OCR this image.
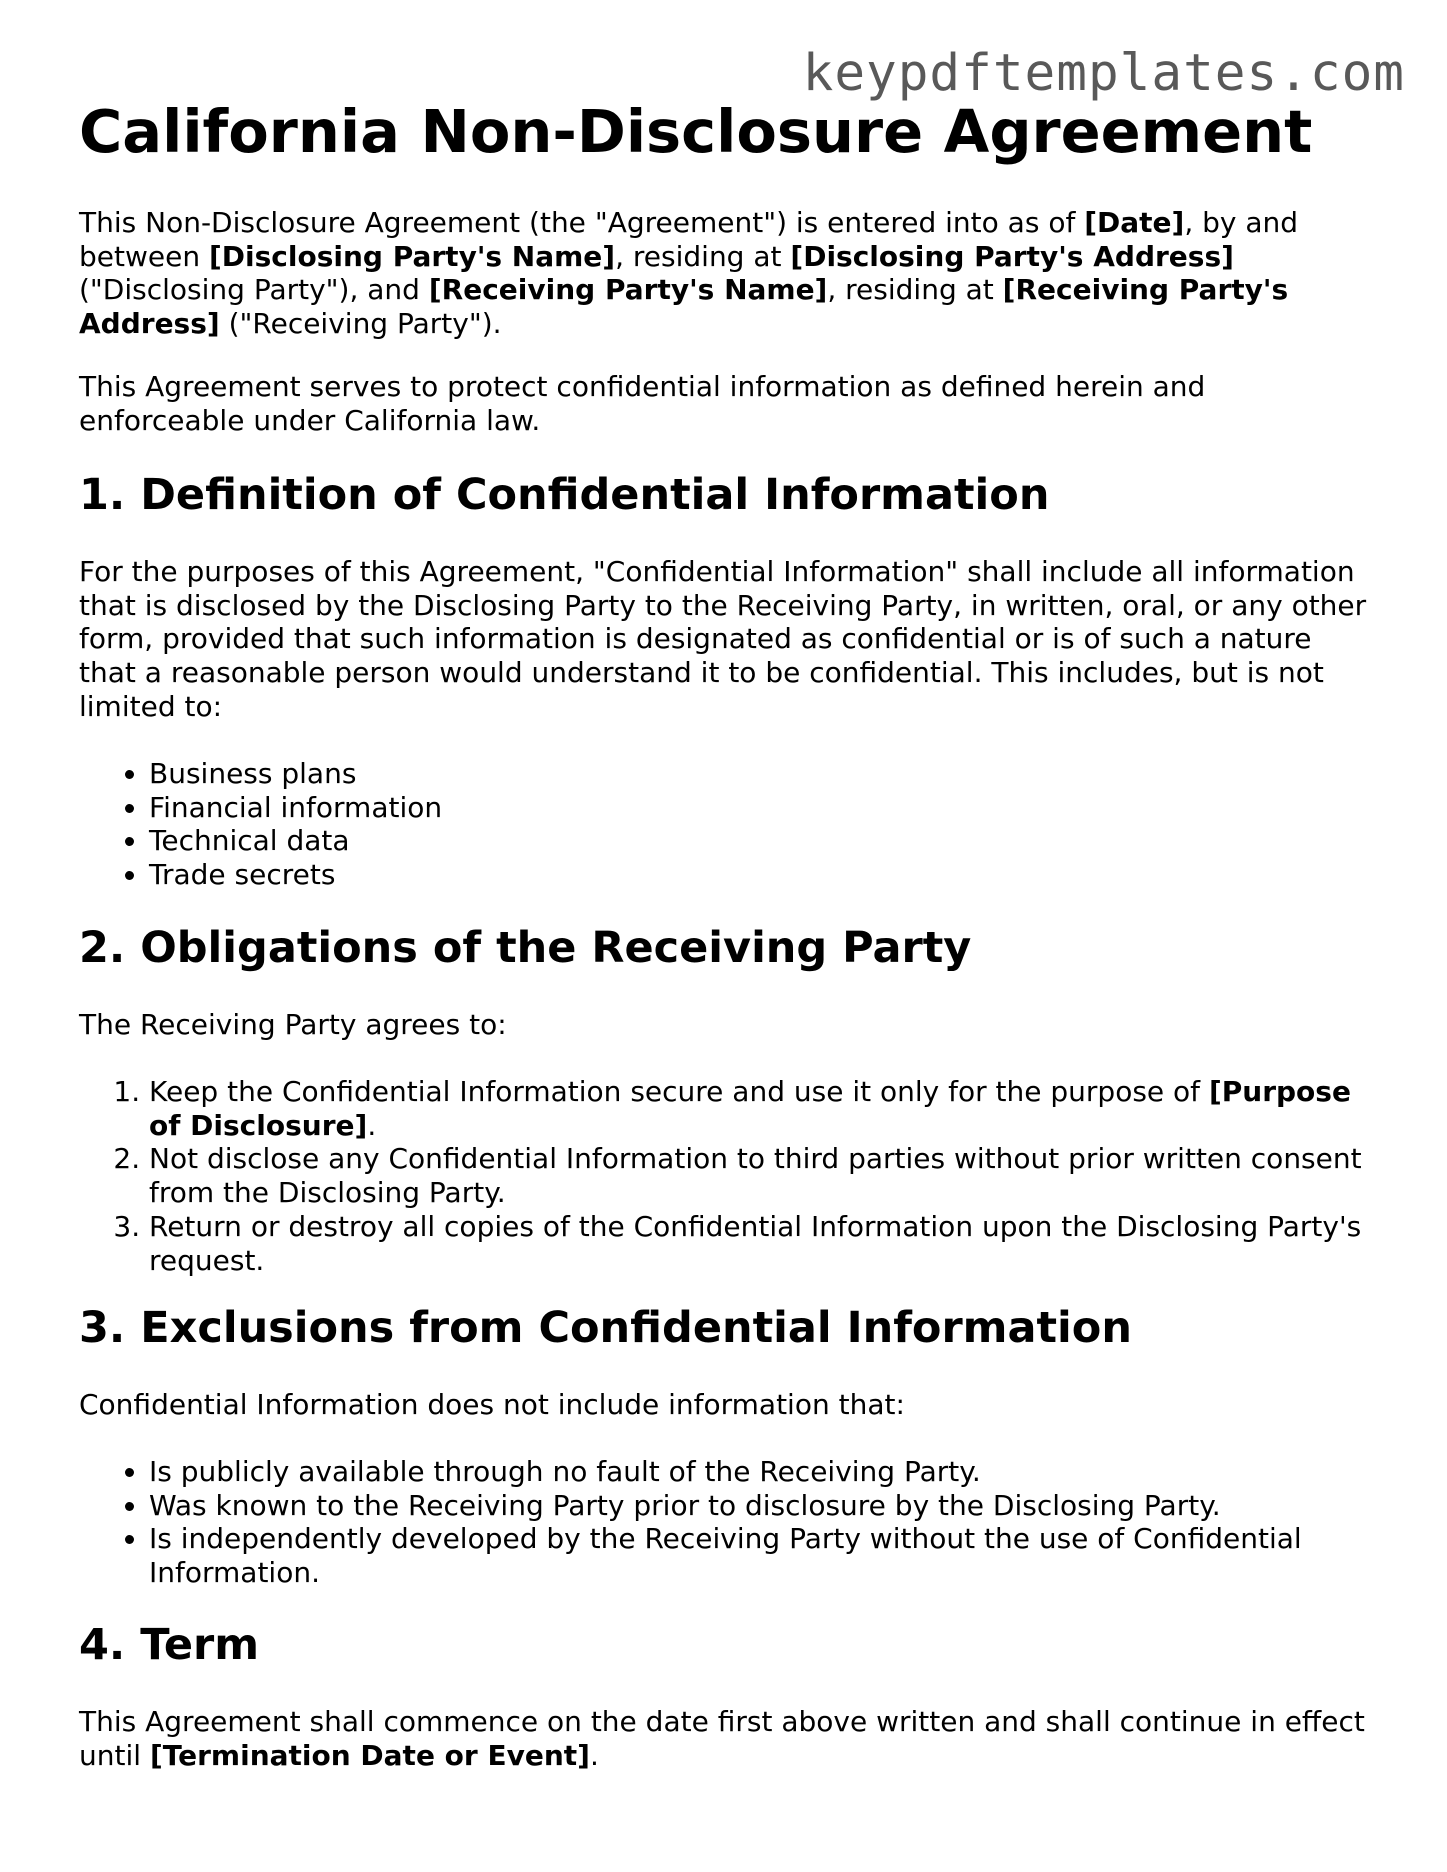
keypdftemplates.com
California Non-Disclosure Agreement

This Non-Disclosure Agreement (the "Agreement") is entered into as of [Date], by and between [Disclosing Party's Name], residing at [Disclosing Party's Address] ("Disclosing Party"), and [Receiving Party's Name], residing at [Receiving Party's Address] ("Receiving Party").

This Agreement serves to protect confidential information as defined herein and enforceable under California law.

1. Definition of Confidential Information

For the purposes of this Agreement, "Confidential Information" shall include all information that is disclosed by the Disclosing Party to the Receiving Party, in written, oral, or any other form, provided that such information is designated as confidential or is of such a nature that a reasonable person would understand it to be confidential. This includes, but is not limited to:

• Business plans
• Financial information
• Technical data
• Trade secrets
2. Obligations of the Receiving Party

The Receiving Party agrees to:

1. Keep the Confidential Information secure and use it only for the purpose of [Purpose of Disclosure].
2. Not disclose any Confidential Information to third parties without prior written consent from the Disclosing Party.
3. Return or destroy all copies of the Confidential Information upon the Disclosing Party's request.
3. Exclusions from Confidential Information

Confidential Information does not include information that:

• Is publicly available through no fault of the Receiving Party.
• Was known to the Receiving Party prior to disclosure by the Disclosing Party.
• Is independently developed by the Receiving Party without the use of Confidential Information.
4. Term

This Agreement shall commence on the date first above written and shall continue in effect until [Termination Date or Event].
